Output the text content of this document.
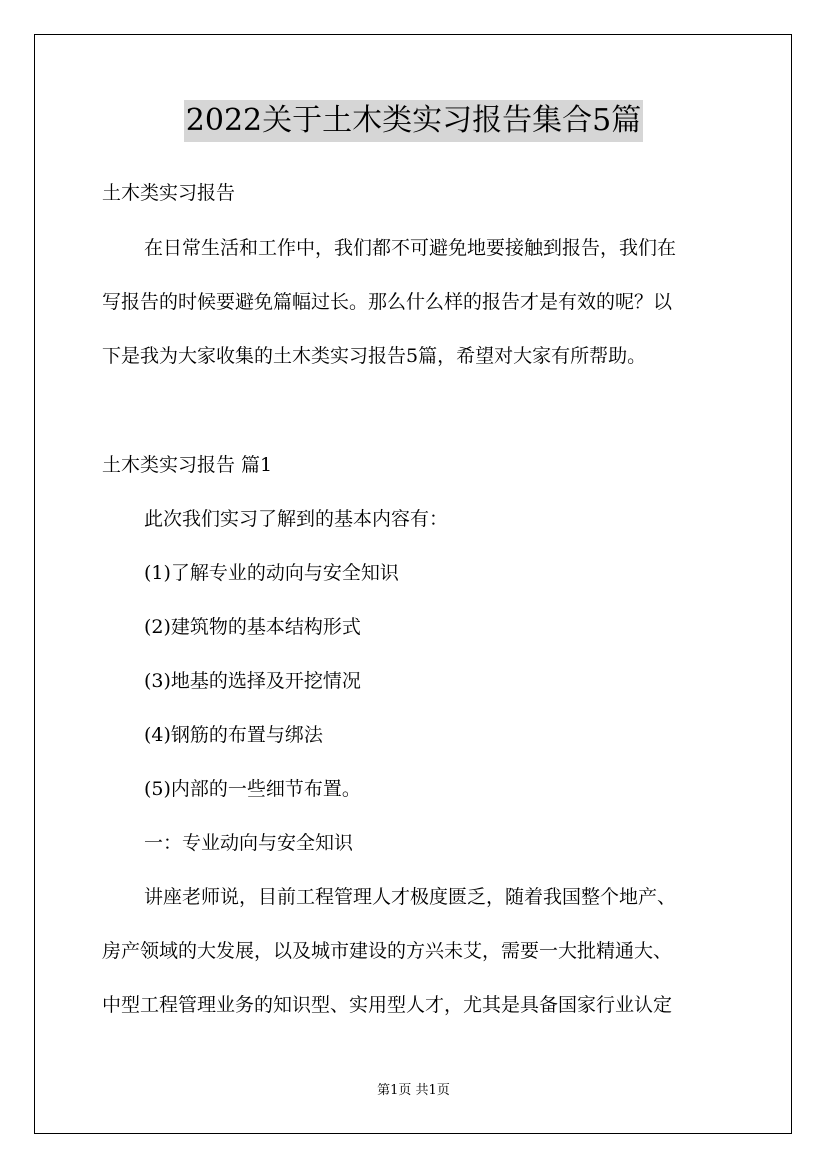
2022关于土木类实习报告集合5篇
土木类实习报告
在日常生活和工作中，我们都不可避免地要接触到报告，我们在
写报告的时候要避免篇幅过长。那么什么样的报告才是有效的呢？以
下是我为大家收集的土木类实习报告5篇，希望对大家有所帮助。
土木类实习报告 篇1
此次我们实习了解到的基本内容有：
(1)了解专业的动向与安全知识
(2)建筑物的基本结构形式
(3)地基的选择及开挖情况
(4)钢筋的布置与绑法
(5)内部的一些细节布置。
一：专业动向与安全知识
讲座老师说，目前工程管理人才极度匮乏，随着我国整个地产、
房产领域的大发展，以及城市建设的方兴未艾，需要一大批精通大、
中型工程管理业务的知识型、实用型人才，尤其是具备国家行业认定
第1页 共1页
